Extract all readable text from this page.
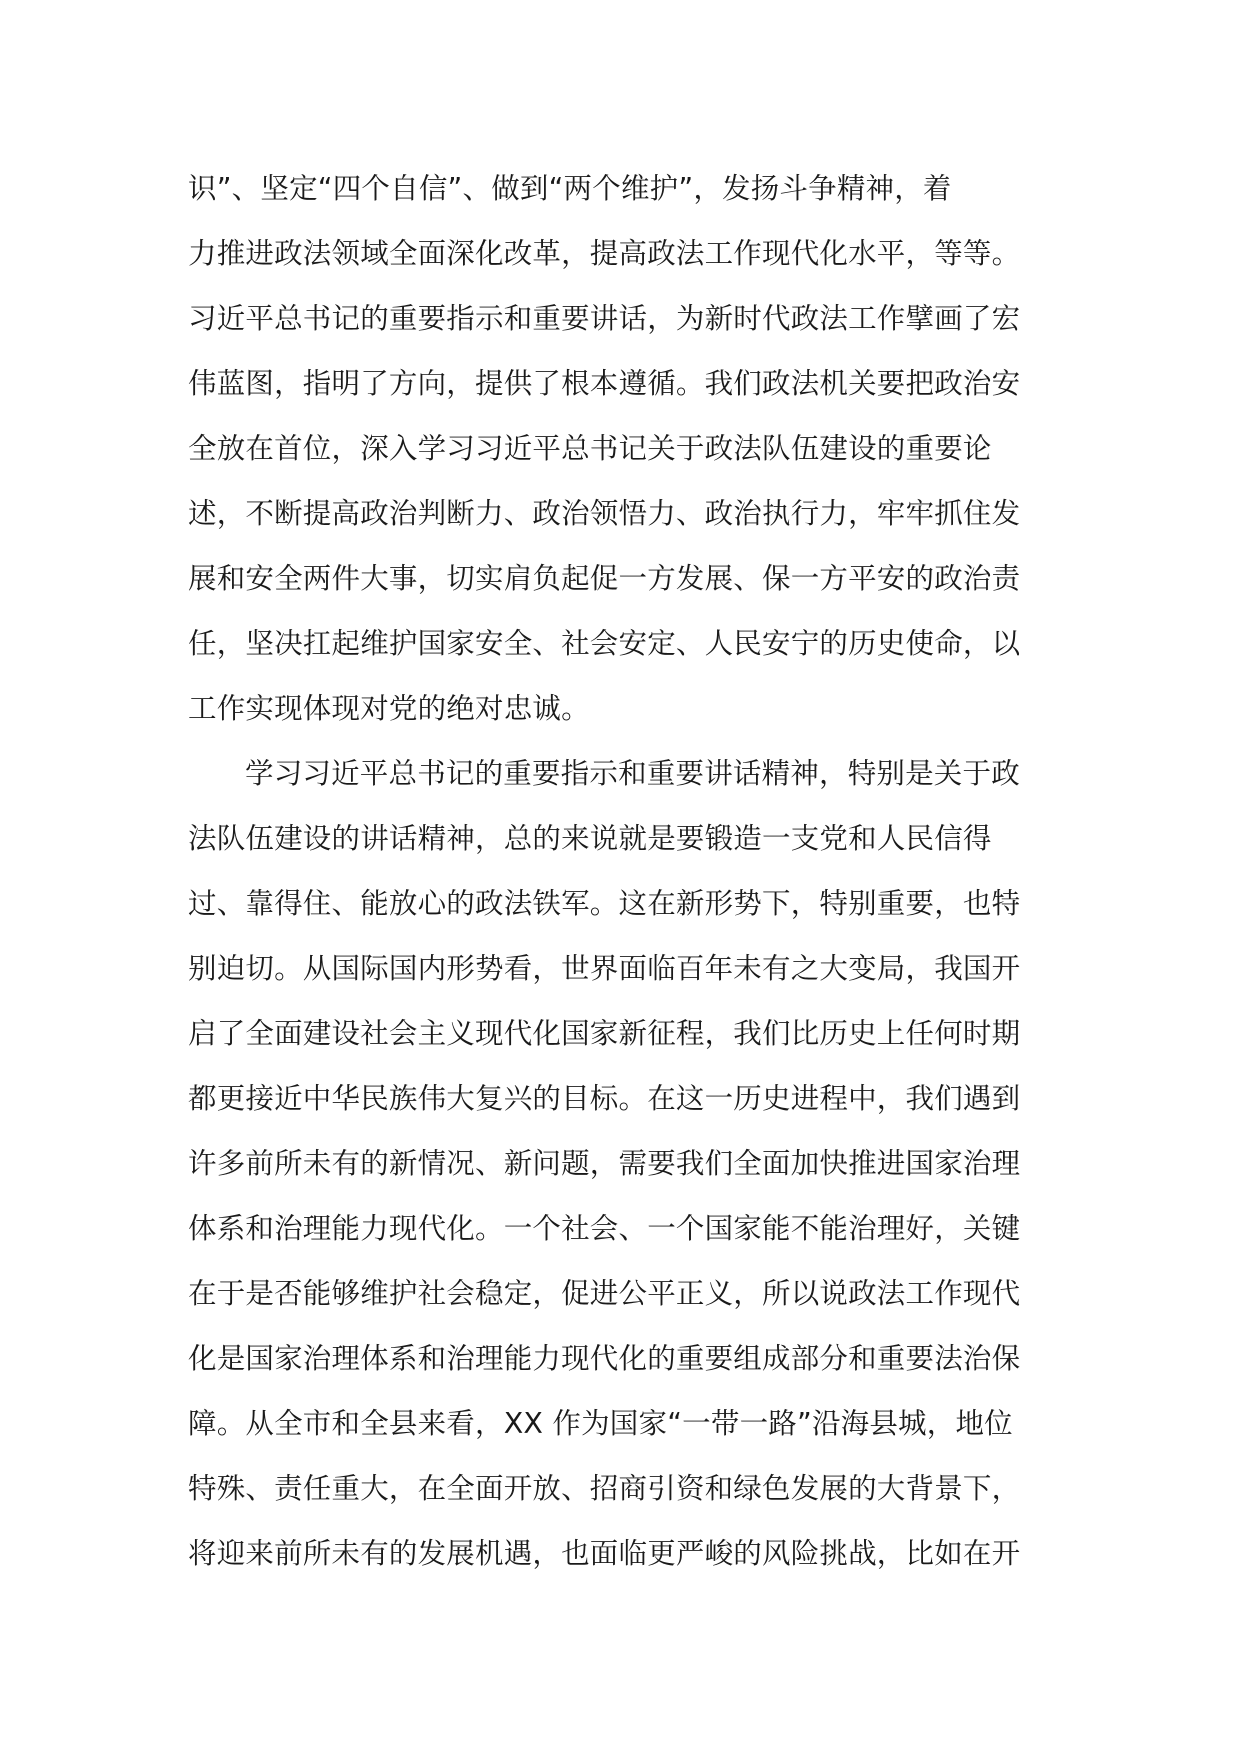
识”、坚定“四个自信”、做到“两个维护”，发扬斗争精神，着
力推进政法领域全面深化改革，提高政法工作现代化水平，等等。
习近平总书记的重要指示和重要讲话，为新时代政法工作擘画了宏
伟蓝图，指明了方向，提供了根本遵循。我们政法机关要把政治安
全放在首位，深入学习习近平总书记关于政法队伍建设的重要论
述，不断提高政治判断力、政治领悟力、政治执行力，牢牢抓住发
展和安全两件大事，切实肩负起促一方发展、保一方平安的政治责
任，坚决扛起维护国家安全、社会安定、人民安宁的历史使命，以
工作实现体现对党的绝对忠诚。
学习习近平总书记的重要指示和重要讲话精神，特别是关于政
法队伍建设的讲话精神，总的来说就是要锻造一支党和人民信得
过、靠得住、能放心的政法铁军。这在新形势下，特别重要，也特
别迫切。从国际国内形势看，世界面临百年未有之大变局，我国开
启了全面建设社会主义现代化国家新征程，我们比历史上任何时期
都更接近中华民族伟大复兴的目标。在这一历史进程中，我们遇到
许多前所未有的新情况、新问题，需要我们全面加快推进国家治理
体系和治理能力现代化。一个社会、一个国家能不能治理好，关键
在于是否能够维护社会稳定，促进公平正义，所以说政法工作现代
化是国家治理体系和治理能力现代化的重要组成部分和重要法治保
障。从全市和全县来看，XX 作为国家“一带一路”沿海县城，地位
特殊、责任重大，在全面开放、招商引资和绿色发展的大背景下，
将迎来前所未有的发展机遇，也面临更严峻的风险挑战，比如在开
